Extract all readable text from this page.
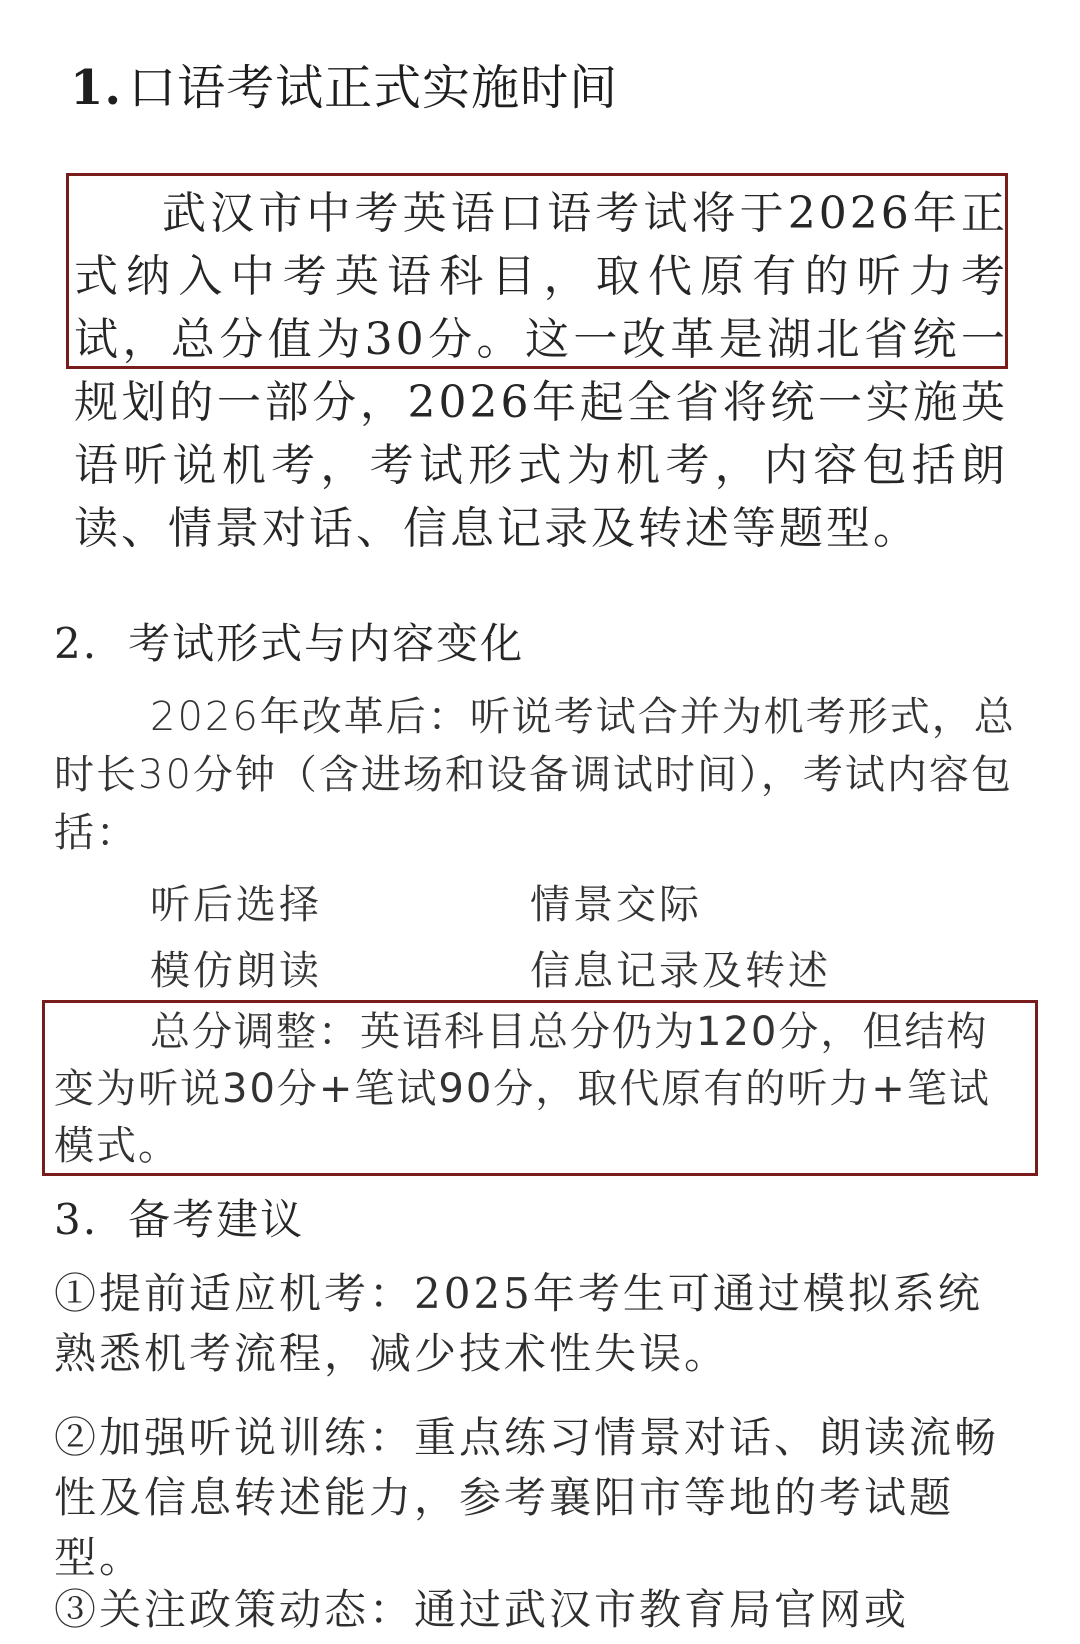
1. 口语考试正式实施时间
武汉市中考英语口语考试将于2026年正式纳入中考英语科目，取代原有的听力考试，总分值为30分。这一改革是湖北省统一规划的一部分，2026年起全省将统一实施英语听说机考，考试形式为机考，内容包括朗读、情景对话、信息记录及转述等题型。
2. 考试形式与内容变化
2026年改革后：听说考试合并为机考形式，总时长30分钟（含进场和设备调试时间），考试内容包括：
听后选择	情景交际
模仿朗读	信息记录及转述
总分调整：英语科目总分仍为120分，但结构变为听说30分+笔试90分，取代原有的听力+笔试模式。
3. 备考建议
①提前适应机考：2025年考生可通过模拟系统熟悉机考流程，减少技术性失误。
②加强听说训练：重点练习情景对话、朗读流畅性及信息转述能力，参考襄阳市等地的考试题型。
③关注政策动态：通过武汉市教育局官网或
